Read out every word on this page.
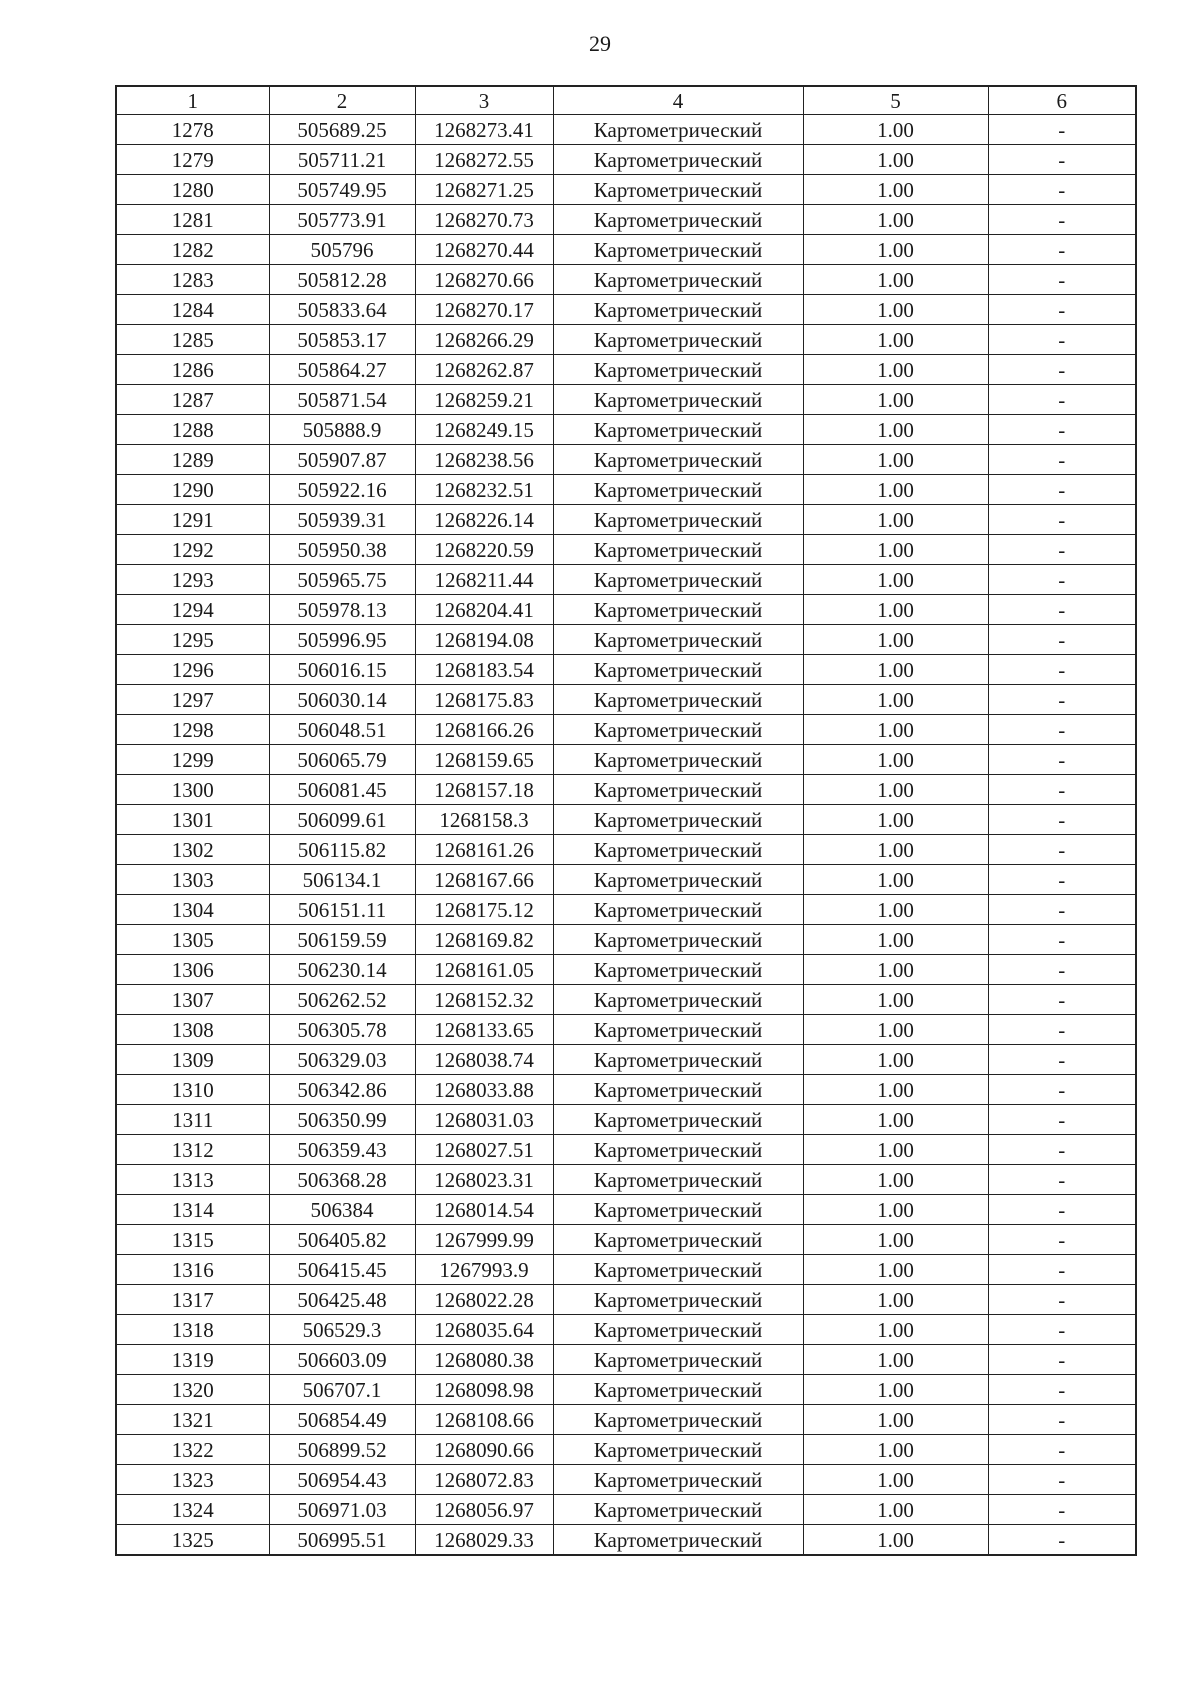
29
1	2	3	4	5	6
1278	505689.25	1268273.41	Картометрический	1.00	-
1279	505711.21	1268272.55	Картометрический	1.00	-
1280	505749.95	1268271.25	Картометрический	1.00	-
1281	505773.91	1268270.73	Картометрический	1.00	-
1282	505796	1268270.44	Картометрический	1.00	-
1283	505812.28	1268270.66	Картометрический	1.00	-
1284	505833.64	1268270.17	Картометрический	1.00	-
1285	505853.17	1268266.29	Картометрический	1.00	-
1286	505864.27	1268262.87	Картометрический	1.00	-
1287	505871.54	1268259.21	Картометрический	1.00	-
1288	505888.9	1268249.15	Картометрический	1.00	-
1289	505907.87	1268238.56	Картометрический	1.00	-
1290	505922.16	1268232.51	Картометрический	1.00	-
1291	505939.31	1268226.14	Картометрический	1.00	-
1292	505950.38	1268220.59	Картометрический	1.00	-
1293	505965.75	1268211.44	Картометрический	1.00	-
1294	505978.13	1268204.41	Картометрический	1.00	-
1295	505996.95	1268194.08	Картометрический	1.00	-
1296	506016.15	1268183.54	Картометрический	1.00	-
1297	506030.14	1268175.83	Картометрический	1.00	-
1298	506048.51	1268166.26	Картометрический	1.00	-
1299	506065.79	1268159.65	Картометрический	1.00	-
1300	506081.45	1268157.18	Картометрический	1.00	-
1301	506099.61	1268158.3	Картометрический	1.00	-
1302	506115.82	1268161.26	Картометрический	1.00	-
1303	506134.1	1268167.66	Картометрический	1.00	-
1304	506151.11	1268175.12	Картометрический	1.00	-
1305	506159.59	1268169.82	Картометрический	1.00	-
1306	506230.14	1268161.05	Картометрический	1.00	-
1307	506262.52	1268152.32	Картометрический	1.00	-
1308	506305.78	1268133.65	Картометрический	1.00	-
1309	506329.03	1268038.74	Картометрический	1.00	-
1310	506342.86	1268033.88	Картометрический	1.00	-
1311	506350.99	1268031.03	Картометрический	1.00	-
1312	506359.43	1268027.51	Картометрический	1.00	-
1313	506368.28	1268023.31	Картометрический	1.00	-
1314	506384	1268014.54	Картометрический	1.00	-
1315	506405.82	1267999.99	Картометрический	1.00	-
1316	506415.45	1267993.9	Картометрический	1.00	-
1317	506425.48	1268022.28	Картометрический	1.00	-
1318	506529.3	1268035.64	Картометрический	1.00	-
1319	506603.09	1268080.38	Картометрический	1.00	-
1320	506707.1	1268098.98	Картометрический	1.00	-
1321	506854.49	1268108.66	Картометрический	1.00	-
1322	506899.52	1268090.66	Картометрический	1.00	-
1323	506954.43	1268072.83	Картометрический	1.00	-
1324	506971.03	1268056.97	Картометрический	1.00	-
1325	506995.51	1268029.33	Картометрический	1.00	-
